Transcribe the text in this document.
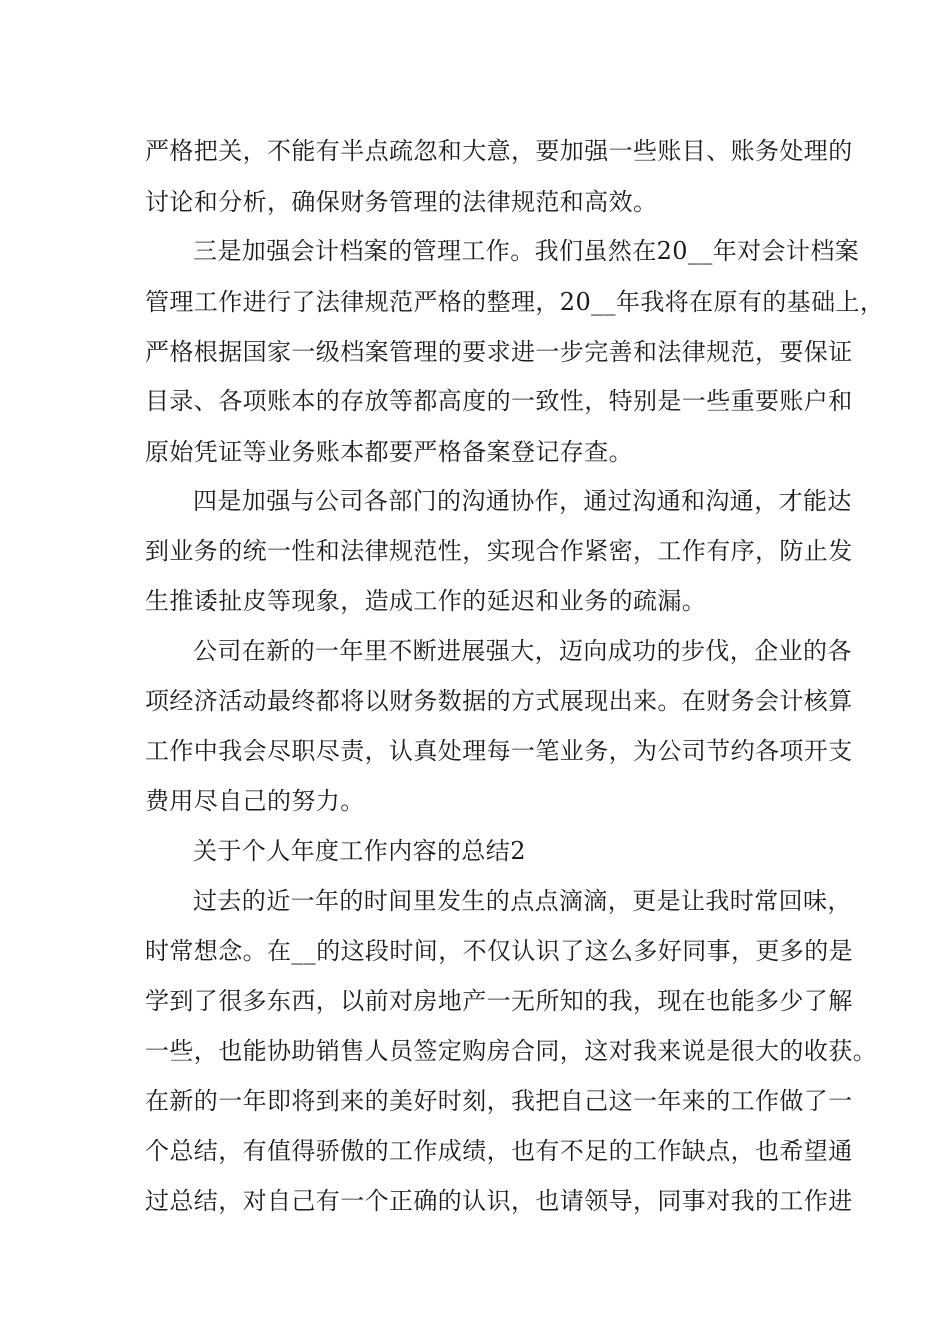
严格把关，不能有半点疏忽和大意，要加强一些账目、账务处理的
讨论和分析，确保财务管理的法律规范和高效。
三是加强会计档案的管理工作。我们虽然在20__年对会计档案
管理工作进行了法律规范严格的整理，20__年我将在原有的基础上，
严格根据国家一级档案管理的要求进一步完善和法律规范，要保证
目录、各项账本的存放等都高度的一致性，特别是一些重要账户和
原始凭证等业务账本都要严格备案登记存查。
四是加强与公司各部门的沟通协作，通过沟通和沟通，才能达
到业务的统一性和法律规范性，实现合作紧密，工作有序，防止发
生推诿扯皮等现象，造成工作的延迟和业务的疏漏。
公司在新的一年里不断进展强大，迈向成功的步伐，企业的各
项经济活动最终都将以财务数据的方式展现出来。在财务会计核算
工作中我会尽职尽责，认真处理每一笔业务，为公司节约各项开支
费用尽自己的努力。
关于个人年度工作内容的总结2
过去的近一年的时间里发生的点点滴滴，更是让我时常回味，
时常想念。在__的这段时间，不仅认识了这么多好同事，更多的是
学到了很多东西，以前对房地产一无所知的我，现在也能多少了解
一些，也能协助销售人员签定购房合同，这对我来说是很大的收获。
在新的一年即将到来的美好时刻，我把自己这一年来的工作做了一
个总结，有值得骄傲的工作成绩，也有不足的工作缺点，也希望通
过总结，对自己有一个正确的认识，也请领导，同事对我的工作进
